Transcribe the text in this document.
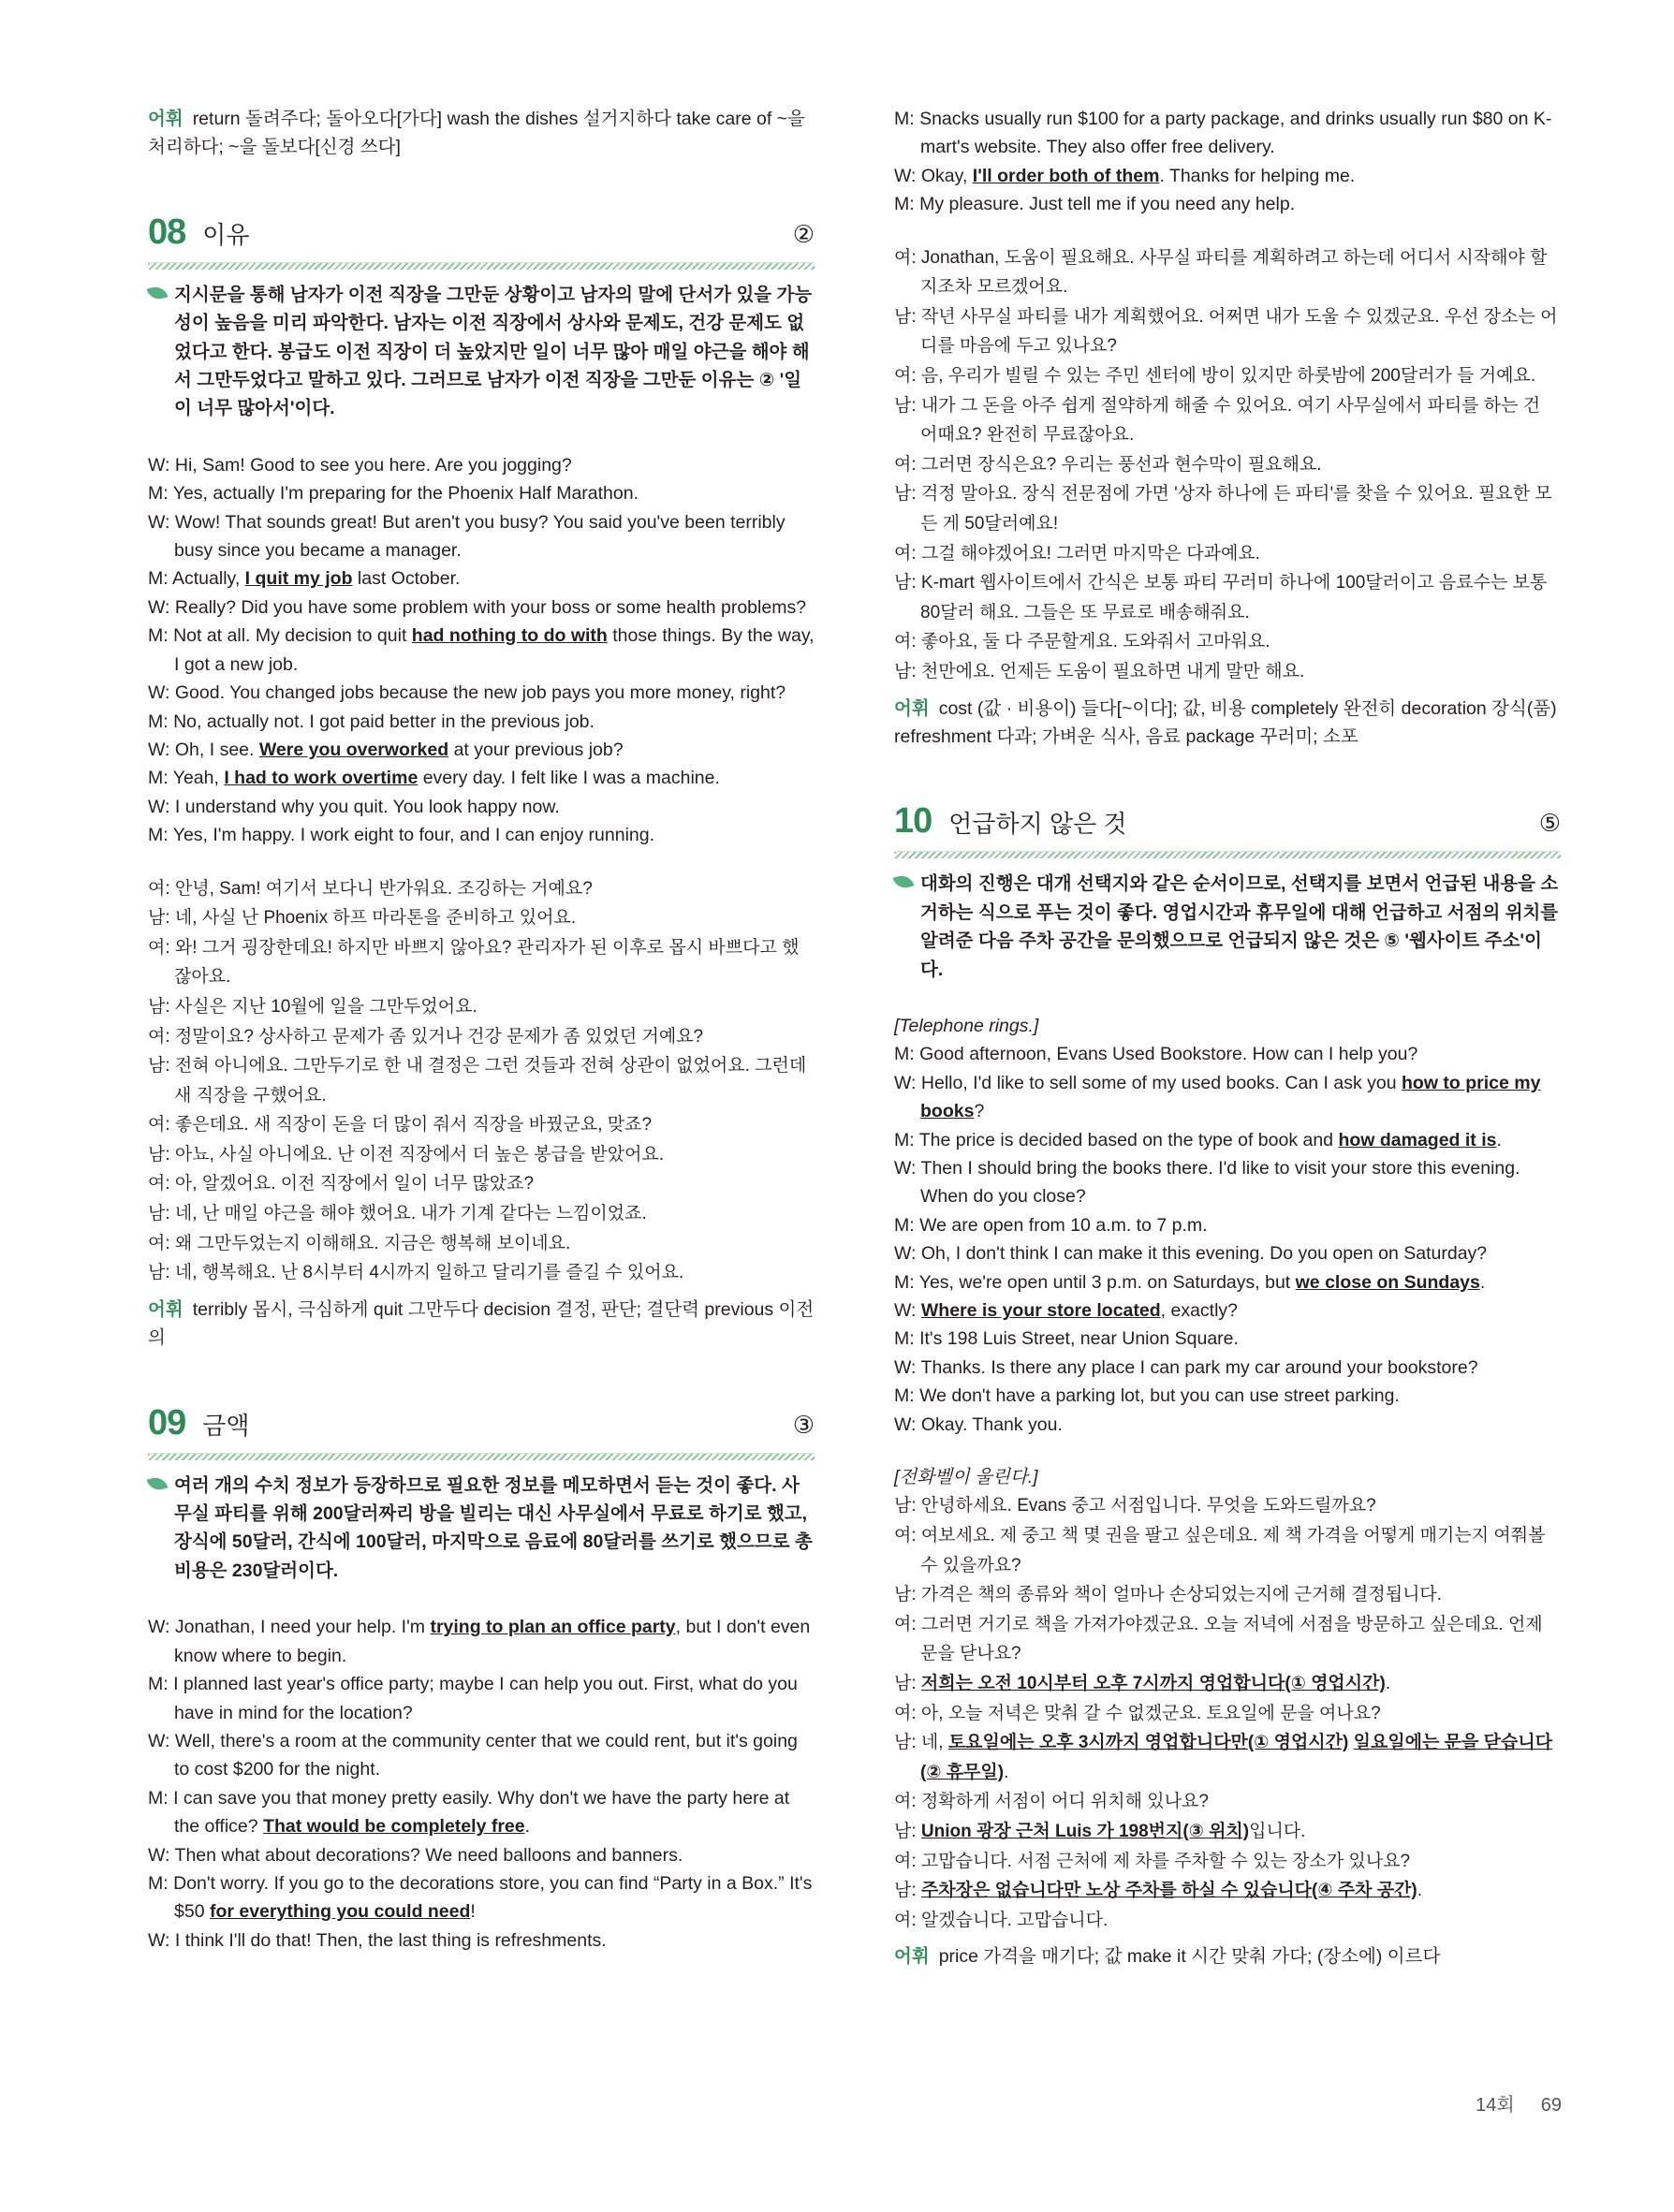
어휘 return 돌려주다; 돌아오다[가다] wash the dishes 설거지하다 take care of ~을 처리하다; ~을 돌보다[신경 쓰다]

08 이유	②
지시문을 통해 남자가 이전 직장을 그만둔 상황이고 남자의 말에 단서가 있을 가능성이 높음을 미리 파악한다. 남자는 이전 직장에서 상사와 문제도, 건강 문제도 없었다고 한다. 봉급도 이전 직장이 더 높았지만 일이 너무 많아 매일 야근을 해야 해서 그만두었다고 말하고 있다. 그러므로 남자가 이전 직장을 그만둔 이유는 ② '일이 너무 많아서'이다.
W: Hi, Sam! Good to see you here. Are you jogging?
M: Yes, actually I'm preparing for the Phoenix Half Marathon.
W: Wow! That sounds great! But aren't you busy? You said you've been terribly busy since you became a manager.
M: Actually, I quit my job last October.
W: Really? Did you have some problem with your boss or some health problems?
M: Not at all. My decision to quit had nothing to do with those things. By the way, I got a new job.
W: Good. You changed jobs because the new job pays you more money, right?
M: No, actually not. I got paid better in the previous job.
W: Oh, I see. Were you overworked at your previous job?
M: Yeah, I had to work overtime every day. I felt like I was a machine.
W: I understand why you quit. You look happy now.
M: Yes, I'm happy. I work eight to four, and I can enjoy running.
여: 안녕, Sam! 여기서 보다니 반가워요. 조깅하는 거예요?
남: 네, 사실 난 Phoenix 하프 마라톤을 준비하고 있어요.
여: 와! 그거 굉장한데요! 하지만 바쁘지 않아요? 관리자가 된 이후로 몹시 바쁘다고 했잖아요.
남: 사실은 지난 10월에 일을 그만두었어요.
여: 정말이요? 상사하고 문제가 좀 있거나 건강 문제가 좀 있었던 거예요?
남: 전혀 아니에요. 그만두기로 한 내 결정은 그런 것들과 전혀 상관이 없었어요. 그런데 새 직장을 구했어요.
여: 좋은데요. 새 직장이 돈을 더 많이 줘서 직장을 바꿨군요, 맞죠?
남: 아뇨, 사실 아니에요. 난 이전 직장에서 더 높은 봉급을 받았어요.
여: 아, 알겠어요. 이전 직장에서 일이 너무 많았죠?
남: 네, 난 매일 야근을 해야 했어요. 내가 기계 같다는 느낌이었죠.
여: 왜 그만두었는지 이해해요. 지금은 행복해 보이네요.
남: 네, 행복해요. 난 8시부터 4시까지 일하고 달리기를 즐길 수 있어요.

어휘 terribly 몹시, 극심하게 quit 그만두다 decision 결정, 판단; 결단력 previous 이전의

09 금액	③
여러 개의 수치 정보가 등장하므로 필요한 정보를 메모하면서 듣는 것이 좋다. 사무실 파티를 위해 200달러짜리 방을 빌리는 대신 사무실에서 무료로 하기로 했고, 장식에 50달러, 간식에 100달러, 마지막으로 음료에 80달러를 쓰기로 했으므로 총비용은 230달러이다.
W: Jonathan, I need your help. I'm trying to plan an office party, but I don't even know where to begin.
M: I planned last year's office party; maybe I can help you out. First, what do you have in mind for the location?
W: Well, there's a room at the community center that we could rent, but it's going to cost $200 for the night.
M: I can save you that money pretty easily. Why don't we have the party here at the office? That would be completely free.
W: Then what about decorations? We need balloons and banners.
M: Don't worry. If you go to the decorations store, you can find “Party in a Box.” It's $50 for everything you could need!
W: I think I'll do that! Then, the last thing is refreshments.
M: Snacks usually run $100 for a party package, and drinks usually run $80 on K-mart's website. They also offer free delivery.
W: Okay, I'll order both of them. Thanks for helping me.
M: My pleasure. Just tell me if you need any help.
여: Jonathan, 도움이 필요해요. 사무실 파티를 계획하려고 하는데 어디서 시작해야 할지조차 모르겠어요.
남: 작년 사무실 파티를 내가 계획했어요. 어쩌면 내가 도울 수 있겠군요. 우선 장소는 어디를 마음에 두고 있나요?
여: 음, 우리가 빌릴 수 있는 주민 센터에 방이 있지만 하룻밤에 200달러가 들 거예요.
남: 내가 그 돈을 아주 쉽게 절약하게 해줄 수 있어요. 여기 사무실에서 파티를 하는 건 어때요? 완전히 무료잖아요.
여: 그러면 장식은요? 우리는 풍선과 현수막이 필요해요.
남: 걱정 말아요. 장식 전문점에 가면 '상자 하나에 든 파티'를 찾을 수 있어요. 필요한 모든 게 50달러예요!
여: 그걸 해야겠어요! 그러면 마지막은 다과예요.
남: K-mart 웹사이트에서 간식은 보통 파티 꾸러미 하나에 100달러이고 음료수는 보통 80달러 해요. 그들은 또 무료로 배송해줘요.
여: 좋아요, 둘 다 주문할게요. 도와줘서 고마워요.
남: 천만에요. 언제든 도움이 필요하면 내게 말만 해요.

어휘 cost (값 · 비용이) 들다[~이다]; 값, 비용 completely 완전히 decoration 장식(품) refreshment 다과; 가벼운 식사, 음료 package 꾸러미; 소포

10 언급하지 않은 것	⑤
대화의 진행은 대개 선택지와 같은 순서이므로, 선택지를 보면서 언급된 내용을 소거하는 식으로 푸는 것이 좋다. 영업시간과 휴무일에 대해 언급하고 서점의 위치를 알려준 다음 주차 공간을 문의했으므로 언급되지 않은 것은 ⑤ '웹사이트 주소'이다.

[Telephone rings.]

M: Good afternoon, Evans Used Bookstore. How can I help you?
W: Hello, I'd like to sell some of my used books. Can I ask you how to price my books?
M: The price is decided based on the type of book and how damaged it is.
W: Then I should bring the books there. I'd like to visit your store this evening. When do you close?
M: We are open from 10 a.m. to 7 p.m.
W: Oh, I don't think I can make it this evening. Do you open on Saturday?
M: Yes, we're open until 3 p.m. on Saturdays, but we close on Sundays.
W: Where is your store located, exactly?
M: It's 198 Luis Street, near Union Square.
W: Thanks. Is there any place I can park my car around your bookstore?
M: We don't have a parking lot, but you can use street parking.
W: Okay. Thank you.

[전화벨이 울린다.]

남: 안녕하세요. Evans 중고 서점입니다. 무엇을 도와드릴까요?
여: 여보세요. 제 중고 책 몇 권을 팔고 싶은데요. 제 책 가격을 어떻게 매기는지 여쭤볼 수 있을까요?
남: 가격은 책의 종류와 책이 얼마나 손상되었는지에 근거해 결정됩니다.
여: 그러면 거기로 책을 가져가야겠군요. 오늘 저녁에 서점을 방문하고 싶은데요. 언제 문을 닫나요?
남: 저희는 오전 10시부터 오후 7시까지 영업합니다(① 영업시간).
여: 아, 오늘 저녁은 맞춰 갈 수 없겠군요. 토요일에 문을 여나요?
남: 네, 토요일에는 오후 3시까지 영업합니다만(① 영업시간) 일요일에는 문을 닫습니다(② 휴무일).
여: 정확하게 서점이 어디 위치해 있나요?
남: Union 광장 근처 Luis 가 198번지(③ 위치)입니다.
여: 고맙습니다. 서점 근처에 제 차를 주차할 수 있는 장소가 있나요?
남: 주차장은 없습니다만 노상 주차를 하실 수 있습니다(④ 주차 공간).
여: 알겠습니다. 고맙습니다.

어휘 price 가격을 매기다; 값 make it 시간 맞춰 가다; (장소에) 이르다

14회 69
